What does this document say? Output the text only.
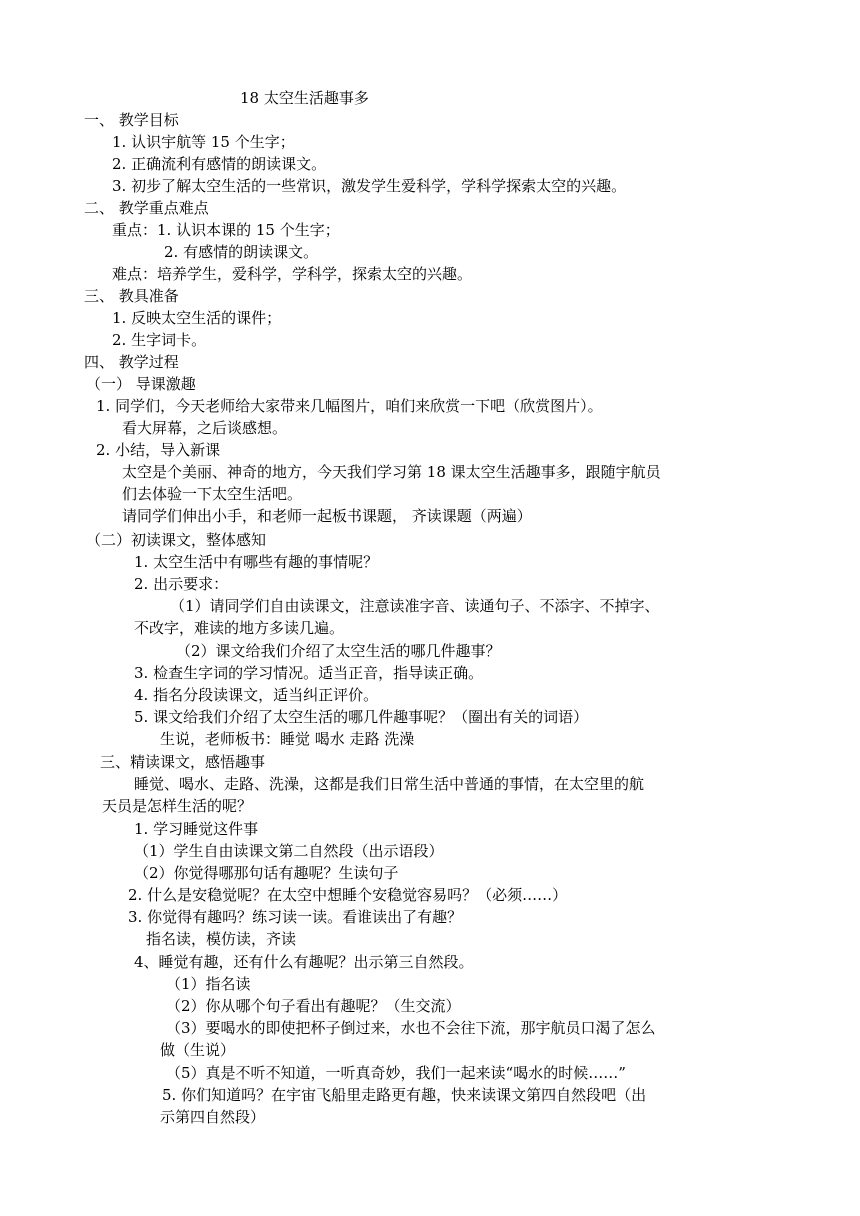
18 太空生活趣事多
一、 教学目标
1. 认识宇航等 15 个生字；
2. 正确流利有感情的朗读课文。
3. 初步了解太空生活的一些常识，激发学生爱科学，学科学探索太空的兴趣。
二、 教学重点难点
重点：1. 认识本课的 15 个生字；
2. 有感情的朗读课文。
难点：培养学生，爱科学，学科学，探索太空的兴趣。
三、 教具准备
1. 反映太空生活的课件；
2. 生字词卡。
四、 教学过程
（一） 导课激趣
1. 同学们，今天老师给大家带来几幅图片，咱们来欣赏一下吧（欣赏图片）。
看大屏幕，之后谈感想。
2. 小结，导入新课
太空是个美丽、神奇的地方，今天我们学习第 18 课太空生活趣事多，跟随宇航员
们去体验一下太空生活吧。
请同学们伸出小手，和老师一起板书课题， 齐读课题（两遍）
（二）初读课文，整体感知
1. 太空生活中有哪些有趣的事情呢？
2. 出示要求：
（1）请同学们自由读课文，注意读准字音、读通句子、不添字、不掉字、
不改字，难读的地方多读几遍。
（2）课文给我们介绍了太空生活的哪几件趣事？
3. 检查生字词的学习情况。适当正音，指导读正确。
4. 指名分段读课文，适当纠正评价。
5. 课文给我们介绍了太空生活的哪几件趣事呢？（圈出有关的词语）
生说，老师板书：睡觉 喝水 走路 洗澡
三、精读课文，感悟趣事
睡觉、喝水、走路、洗澡，这都是我们日常生活中普通的事情，在太空里的航
天员是怎样生活的呢？
1. 学习睡觉这件事
（1）学生自由读课文第二自然段（出示语段）
（2）你觉得哪那句话有趣呢？生读句子
2. 什么是安稳觉呢？在太空中想睡个安稳觉容易吗？（必须……）
3. 你觉得有趣吗？练习读一读。看谁读出了有趣？
指名读，模仿读，齐读
4、睡觉有趣，还有什么有趣呢？出示第三自然段。
（1）指名读
（2）你从哪个句子看出有趣呢？（生交流）
（3）要喝水的即使把杯子倒过来，水也不会往下流，那宇航员口渴了怎么
做（生说）
（5）真是不听不知道，一听真奇妙，我们一起来读“喝水的时候……”
5. 你们知道吗？在宇宙飞船里走路更有趣，快来读课文第四自然段吧（出
示第四自然段）
